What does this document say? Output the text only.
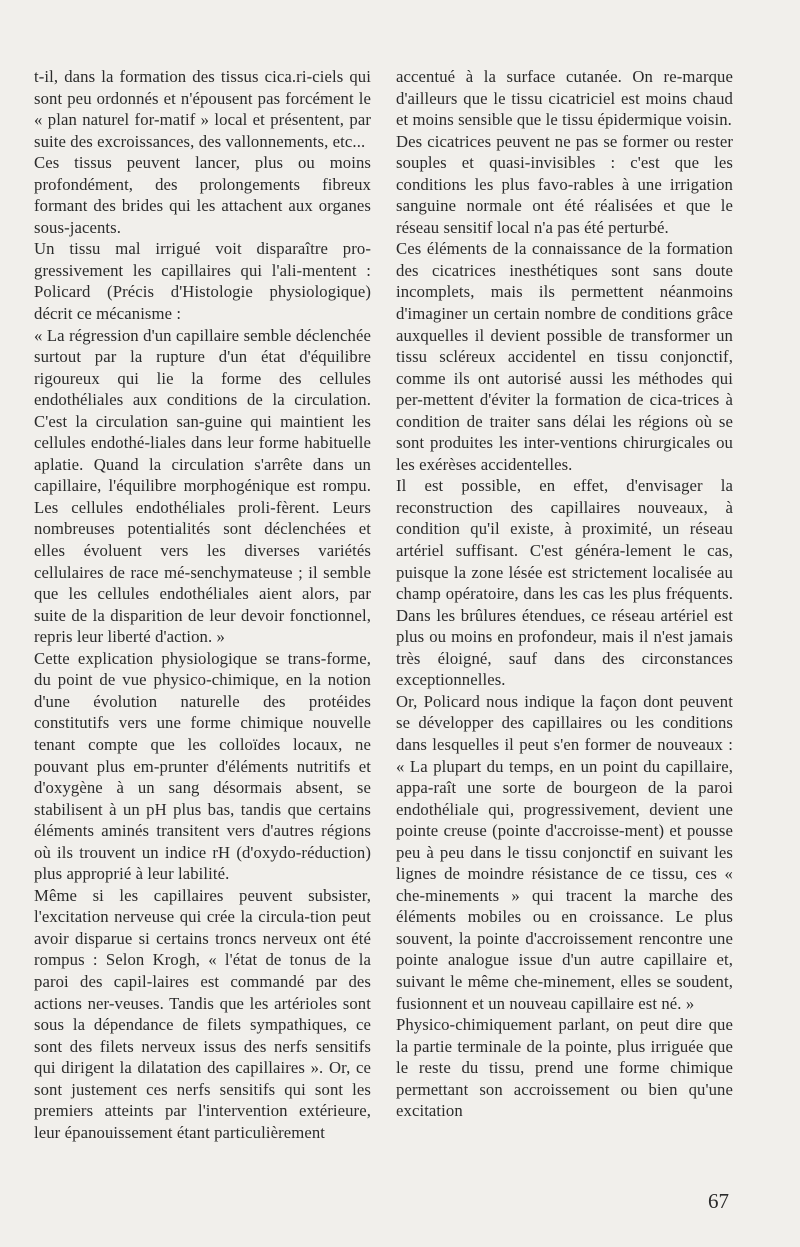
t-il, dans la formation des tissus cica.ri-ciels qui sont peu ordonnés et n'épousent pas forcément le « plan naturel for-matif » local et présentent, par suite des excroissances, des vallonnements, etc...

Ces tissus peuvent lancer, plus ou moins profondément, des prolongements fibreux formant des brides qui les attachent aux organes sous-jacents.

Un tissu mal irrigué voit disparaître pro-gressivement les capillaires qui l'ali-mentent : Policard (Précis d'Histologie physiologique) décrit ce mécanisme :

« La régression d'un capillaire semble déclenchée surtout par la rupture d'un état d'équilibre rigoureux qui lie la forme des cellules endothéliales aux conditions de la circulation. C'est la circulation san-guine qui maintient les cellules endothé-liales dans leur forme habituelle aplatie. Quand la circulation s'arrête dans un capillaire, l'équilibre morphogénique est rompu. Les cellules endothéliales proli-fèrent. Leurs nombreuses potentialités sont déclenchées et elles évoluent vers les diverses variétés cellulaires de race mé-senchymateuse ; il semble que les cellules endothéliales aient alors, par suite de la disparition de leur devoir fonctionnel, repris leur liberté d'action. »

Cette explication physiologique se trans-forme, du point de vue physico-chimique, en la notion d'une évolution naturelle des protéides constitutifs vers une forme chimique nouvelle tenant compte que les colloïdes locaux, ne pouvant plus em-prunter d'éléments nutritifs et d'oxygène à un sang désormais absent, se stabilisent à un pH plus bas, tandis que certains éléments aminés transitent vers d'autres régions où ils trouvent un indice rH (d'oxydo-réduction) plus approprié à leur labilité.

Même si les capillaires peuvent subsister, l'excitation nerveuse qui crée la circula-tion peut avoir disparue si certains troncs nerveux ont été rompus : Selon Krogh, « l'état de tonus de la paroi des capil-laires est commandé par des actions ner-veuses. Tandis que les artérioles sont sous la dépendance de filets sympathiques, ce sont des filets nerveux issus des nerfs sensitifs qui dirigent la dilatation des capillaires ». Or, ce sont justement ces nerfs sensitifs qui sont les premiers atteints par l'intervention extérieure, leur épanouissement étant particulièrement

accentué à la surface cutanée. On re-marque d'ailleurs que le tissu cicatriciel est moins chaud et moins sensible que le tissu épidermique voisin.

Des cicatrices peuvent ne pas se former ou rester souples et quasi-invisibles : c'est que les conditions les plus favo-rables à une irrigation sanguine normale ont été réalisées et que le réseau sensitif local n'a pas été perturbé.

Ces éléments de la connaissance de la formation des cicatrices inesthétiques sont sans doute incomplets, mais ils permettent néanmoins d'imaginer un certain nombre de conditions grâce auxquelles il devient possible de transformer un tissu scléreux accidentel en tissu conjonctif, comme ils ont autorisé aussi les méthodes qui per-mettent d'éviter la formation de cica-trices à condition de traiter sans délai les régions où se sont produites les inter-ventions chirurgicales ou les exérèses accidentelles.

Il est possible, en effet, d'envisager la reconstruction des capillaires nouveaux, à condition qu'il existe, à proximité, un réseau artériel suffisant. C'est généra-lement le cas, puisque la zone lésée est strictement localisée au champ opératoire, dans les cas les plus fréquents. Dans les brûlures étendues, ce réseau artériel est plus ou moins en profondeur, mais il n'est jamais très éloigné, sauf dans des circonstances exceptionnelles.

Or, Policard nous indique la façon dont peuvent se développer des capillaires ou les conditions dans lesquelles il peut s'en former de nouveaux : « La plupart du temps, en un point du capillaire, appa-raît une sorte de bourgeon de la paroi endothéliale qui, progressivement, devient une pointe creuse (pointe d'accroisse-ment) et pousse peu à peu dans le tissu conjonctif en suivant les lignes de moindre résistance de ce tissu, ces « che-minements » qui tracent la marche des éléments mobiles ou en croissance. Le plus souvent, la pointe d'accroissement rencontre une pointe analogue issue d'un autre capillaire et, suivant le même che-minement, elles se soudent, fusionnent et un nouveau capillaire est né. »

Physico-chimiquement parlant, on peut dire que la partie terminale de la pointe, plus irriguée que le reste du tissu, prend une forme chimique permettant son accroissement ou bien qu'une excitation

67
